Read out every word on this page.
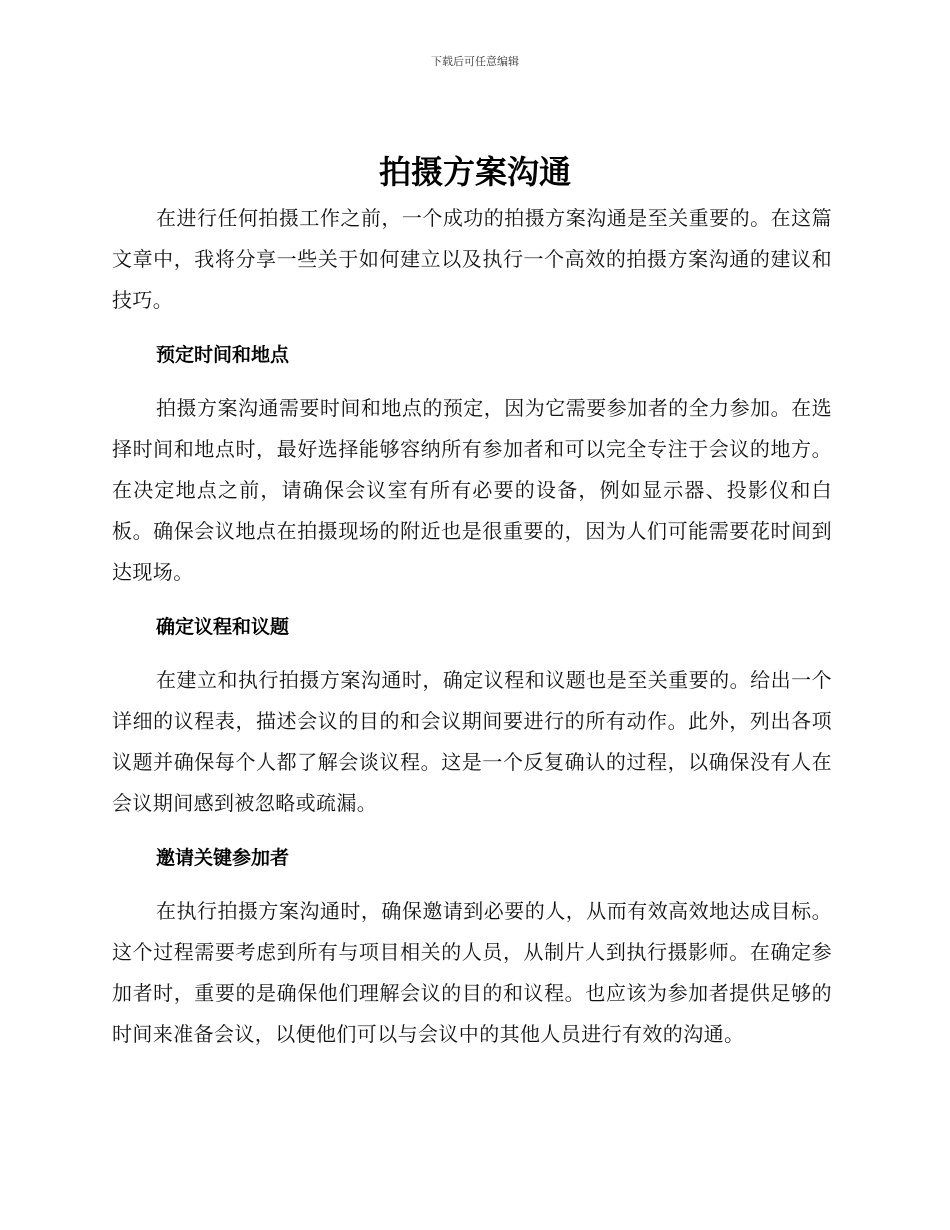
下载后可任意编辑
拍摄方案沟通

在进行任何拍摄工作之前，一个成功的拍摄方案沟通是至关重要的。在这篇文章中，我将分享一些关于如何建立以及执行一个高效的拍摄方案沟通的建议和技巧。

预定时间和地点

拍摄方案沟通需要时间和地点的预定，因为它需要参加者的全力参加。在选择时间和地点时，最好选择能够容纳所有参加者和可以完全专注于会议的地方。在决定地点之前，请确保会议室有所有必要的设备，例如显示器、投影仪和白板。确保会议地点在拍摄现场的附近也是很重要的，因为人们可能需要花时间到达现场。

确定议程和议题

在建立和执行拍摄方案沟通时，确定议程和议题也是至关重要的。给出一个详细的议程表，描述会议的目的和会议期间要进行的所有动作。此外，列出各项议题并确保每个人都了解会谈议程。这是一个反复确认的过程，以确保没有人在会议期间感到被忽略或疏漏。

邀请关键参加者

在执行拍摄方案沟通时，确保邀请到必要的人，从而有效高效地达成目标。这个过程需要考虑到所有与项目相关的人员，从制片人到执行摄影师。在确定参加者时，重要的是确保他们理解会议的目的和议程。也应该为参加者提供足够的时间来准备会议，以便他们可以与会议中的其他人员进行有效的沟通。
